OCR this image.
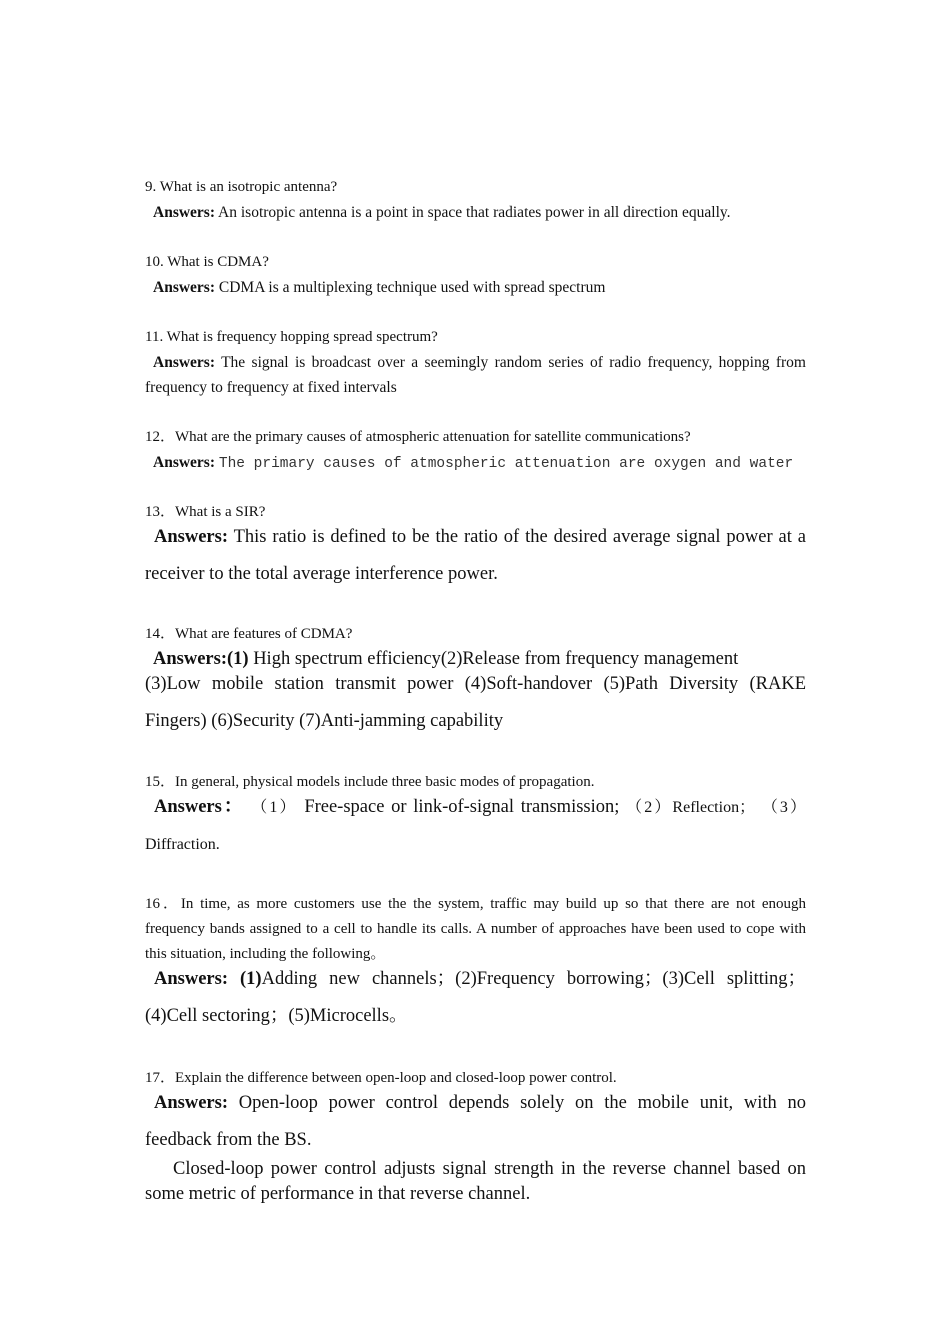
9. What is an isotropic antenna?

Answers: An isotropic antenna is a point in space that radiates power in all direction equally.

10. What is CDMA?

Answers: CDMA is a multiplexing technique used with spread spectrum

11. What is frequency hopping spread spectrum?

Answers: The signal is broadcast over a seemingly random series of radio frequency, hopping from frequency to frequency at fixed intervals

12．What are the primary causes of atmospheric attenuation for satellite communications?

Answers: The primary causes of atmospheric attenuation are oxygen and water

13．What is a SIR?

Answers: This ratio is defined to be the ratio of the desired average signal power at a receiver to the total average interference power.

14．What are features of CDMA?

Answers:(1) High spectrum efficiency(2)Release from frequency management

(3)Low mobile station transmit power (4)Soft-handover (5)Path Diversity (RAKE Fingers) (6)Security (7)Anti-jamming capability

15．In general, physical models include three basic modes of propagation.

Answers： （1） Free-space or link-of-signal transmission; （2）Reflection； （3）Diffraction.

16．In time, as more customers use the the system, traffic may build up so that there are not enough frequency bands assigned to a cell to handle its calls. A number of approaches have been used to cope with this situation, including the following。

Answers: (1)Adding new channels；(2)Frequency borrowing；(3)Cell splitting；(4)Cell sectoring；(5)Microcells。

17．Explain the difference between open-loop and closed-loop power control.

Answers: Open-loop power control depends solely on the mobile unit, with no feedback from the BS.

Closed-loop power control adjusts signal strength in the reverse channel based on some metric of performance in that reverse channel.
